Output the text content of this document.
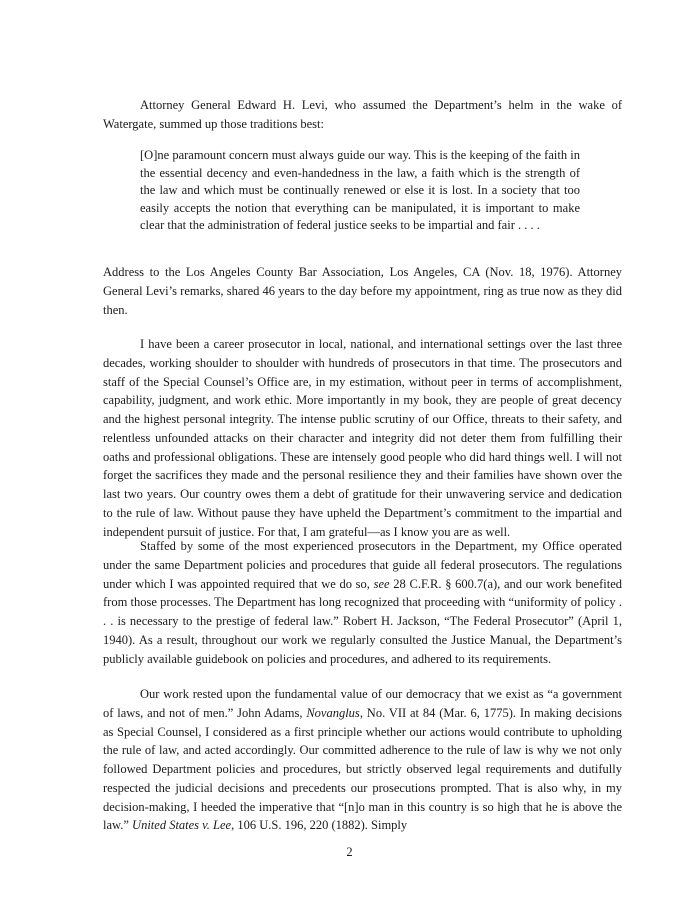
Attorney General Edward H. Levi, who assumed the Department’s helm in the wake of Watergate, summed up those traditions best:

[O]ne paramount concern must always guide our way. This is the keeping of the faith in the essential decency and even-handedness in the law, a faith which is the strength of the law and which must be continually renewed or else it is lost. In a society that too easily accepts the notion that everything can be manipulated, it is important to make clear that the administration of federal justice seeks to be impartial and fair . . . .

Address to the Los Angeles County Bar Association, Los Angeles, CA (Nov. 18, 1976). Attorney General Levi’s remarks, shared 46 years to the day before my appointment, ring as true now as they did then.

I have been a career prosecutor in local, national, and international settings over the last three decades, working shoulder to shoulder with hundreds of prosecutors in that time. The prosecutors and staff of the Special Counsel’s Office are, in my estimation, without peer in terms of accomplishment, capability, judgment, and work ethic. More importantly in my book, they are people of great decency and the highest personal integrity. The intense public scrutiny of our Office, threats to their safety, and relentless unfounded attacks on their character and integrity did not deter them from fulfilling their oaths and professional obligations. These are intensely good people who did hard things well. I will not forget the sacrifices they made and the personal resilience they and their families have shown over the last two years. Our country owes them a debt of gratitude for their unwavering service and dedication to the rule of law. Without pause they have upheld the Department’s commitment to the impartial and independent pursuit of justice. For that, I am grateful—as I know you are as well.

Staffed by some of the most experienced prosecutors in the Department, my Office operated under the same Department policies and procedures that guide all federal prosecutors. The regulations under which I was appointed required that we do so, see 28 C.F.R. § 600.7(a), and our work benefited from those processes. The Department has long recognized that proceeding with “uniformity of policy . . . is necessary to the prestige of federal law.” Robert H. Jackson, “The Federal Prosecutor” (April 1, 1940). As a result, throughout our work we regularly consulted the Justice Manual, the Department’s publicly available guidebook on policies and procedures, and adhered to its requirements.

Our work rested upon the fundamental value of our democracy that we exist as “a government of laws, and not of men.” John Adams, Novanglus, No. VII at 84 (Mar. 6, 1775). In making decisions as Special Counsel, I considered as a first principle whether our actions would contribute to upholding the rule of law, and acted accordingly. Our committed adherence to the rule of law is why we not only followed Department policies and procedures, but strictly observed legal requirements and dutifully respected the judicial decisions and precedents our prosecutions prompted. That is also why, in my decision-making, I heeded the imperative that “[n]o man in this country is so high that he is above the law.” United States v. Lee, 106 U.S. 196, 220 (1882). Simply

2
